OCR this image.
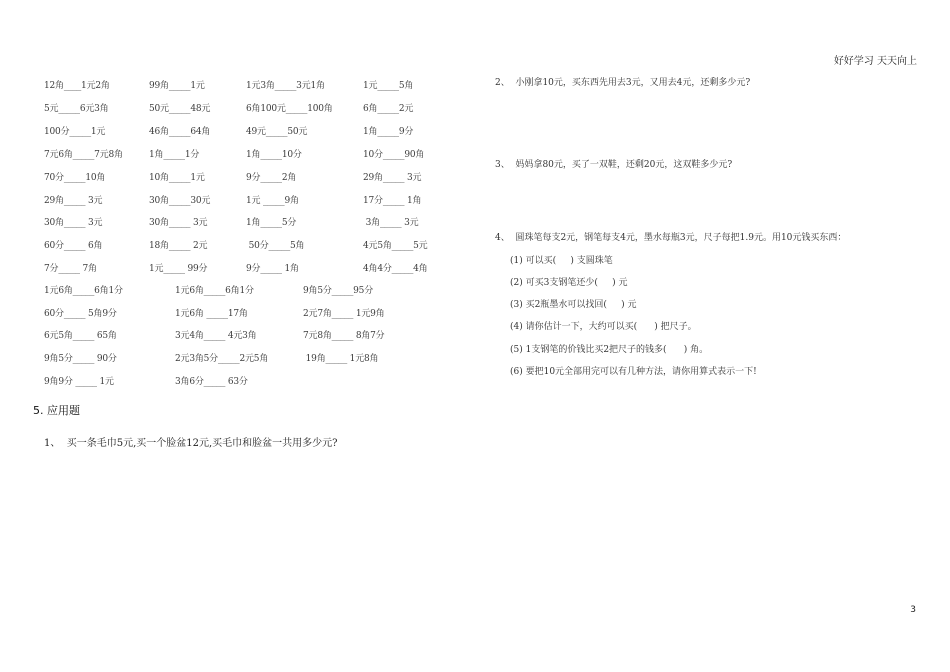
好好学习 天天向上
12角____1元2角	99角_____1元	1元3角_____3元1角	1元_____5角
5元_____6元3角	50元_____48元	6角100元_____100角	6角_____2元
100分_____1元	46角_____64角	49元_____50元	1角_____9分
7元6角_____7元8角	1角_____1分	1角_____10分	10分_____90角
70分_____10角	10角_____1元	9分_____2角	29角_____ 3元
29角_____ 3元	30角_____30元	1元 _____9角	17分_____ 1角
30角_____ 3元	30角_____ 3元	1角_____5分	3角_____ 3元
60分_____ 6角	18角_____ 2元	50分_____5角	4元5角_____5元
7分_____ 7角	1元_____ 99分	9分_____ 1角	4角4分_____4角
1元6角_____6角1分	1元6角_____6角1分	9角5分_____95分
60分_____ 5角9分	1元6角 _____17角	2元7角_____ 1元9角
6元5角_____ 65角	3元4角_____ 4元3角	7元8角_____ 8角7分
9角5分_____ 90分	2元3角5分_____2元5角	19角_____ 1元8角
9角9分 _____ 1元	3角6分_____ 63分
5. 应用题
1、  买一条毛巾5元,买一个脸盆12元,买毛巾和脸盆一共用多少元?
2、  小刚拿10元，买东西先用去3元，又用去4元，还剩多少元?
3、  妈妈拿80元，买了一双鞋，还剩20元，这双鞋多少元?
4、  圆珠笔每支2元，钢笔每支4元，墨水每瓶3元，尺子每把1.9元。用10元钱买东西：
(1) 可以买(     ) 支圆珠笔
(2) 可买3支钢笔还少(     ) 元
(3) 买2瓶墨水可以找回(     ) 元
(4) 请你估计一下，大约可以买(      ) 把尺子。
(5) 1支钢笔的价钱比买2把尺子的钱多(      ) 角。
(6) 要把10元全部用完可以有几种方法，请你用算式表示一下!
3
